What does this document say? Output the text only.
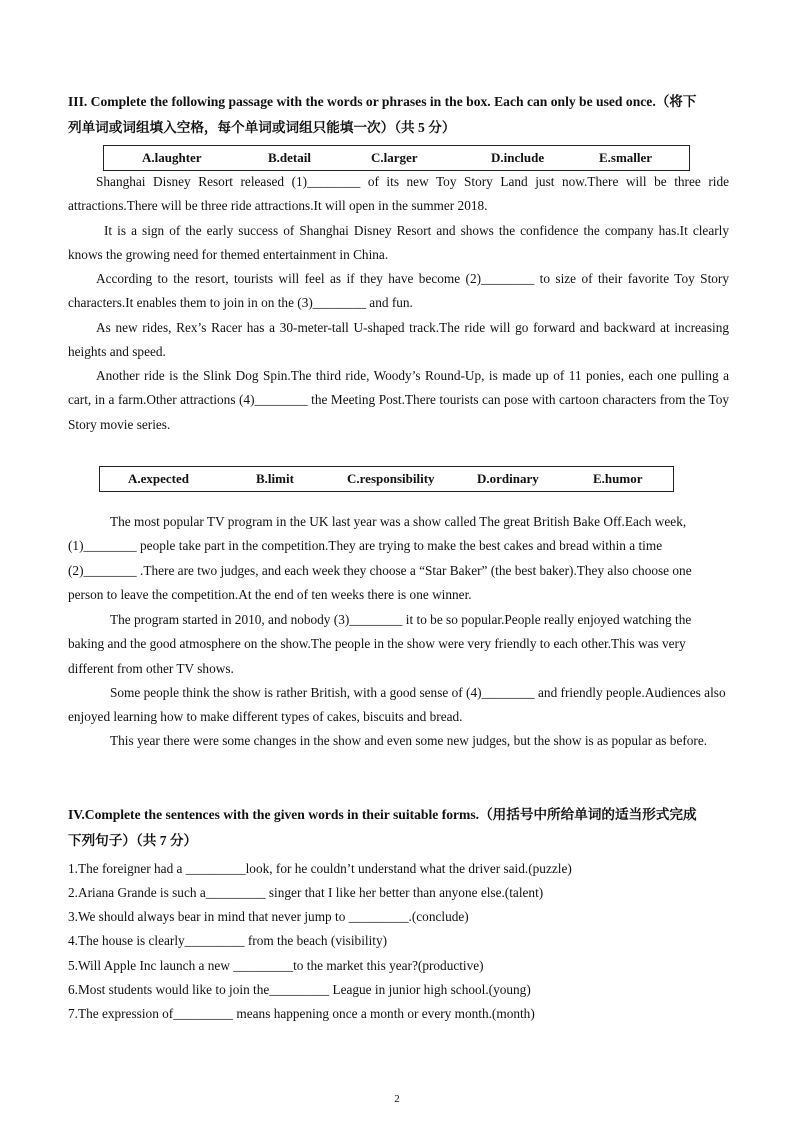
III. Complete the following passage with the words or phrases in the box. Each can only be used once.（将下
列单词或词组填入空格，每个单词或词组只能填一次）（共 5 分）
A.laughter	B.detail	C.larger	D.include	E.smaller
Shanghai Disney Resort released (1)________ of its new Toy Story Land just now.There will be three ride attractions.There will be three ride attractions.It will open in the summer 2018.
It is a sign of the early success of Shanghai Disney Resort and shows the confidence the company has.It clearly knows the growing need for themed entertainment in China.
According to the resort, tourists will feel as if they have become (2)________ to size of their favorite Toy Story characters.It enables them to join in on the (3)________ and fun.
As new rides, Rex’s Racer has a 30-meter-tall U-shaped track.The ride will go forward and backward at increasing heights and speed.
Another ride is the Slink Dog Spin.The third ride, Woody’s Round-Up, is made up of 11 ponies, each one pulling a cart, in a farm.Other attractions (4)________ the Meeting Post.There tourists can pose with cartoon characters from the Toy Story movie series.
A.expected	B.limit	C.responsibility	D.ordinary	E.humor
The most popular TV program in the UK last year was a show called The great British Bake Off.Each week, (1)________ people take part in the competition.They are trying to make the best cakes and bread within a time (2)________ .There are two judges, and each week they choose a “Star Baker” (the best baker).They also choose one person to leave the competition.At the end of ten weeks there is one winner.
The program started in 2010, and nobody (3)________ it to be so popular.People really enjoyed watching the baking and the good atmosphere on the show.The people in the show were very friendly to each other.This was very different from other TV shows.
Some people think the show is rather British, with a good sense of (4)________ and friendly people.Audiences also enjoyed learning how to make different types of cakes, biscuits and bread.
This year there were some changes in the show and even some new judges, but the show is as popular as before.
IV.Complete the sentences with the given words in their suitable forms.（用括号中所给单词的适当形式完成
下列句子）（共 7 分）
1.The foreigner had a _________look, for he couldn’t understand what the driver said.(puzzle)
2.Ariana Grande is such a_________ singer that I like her better than anyone else.(talent)
3.We should always bear in mind that never jump to _________.(conclude)
4.The house is clearly_________ from the beach (visibility)
5.Will Apple Inc launch a new _________to the market this year?(productive)
6.Most students would like to join the_________ League in junior high school.(young)
7.The expression of_________ means happening once a month or every month.(month)
2
